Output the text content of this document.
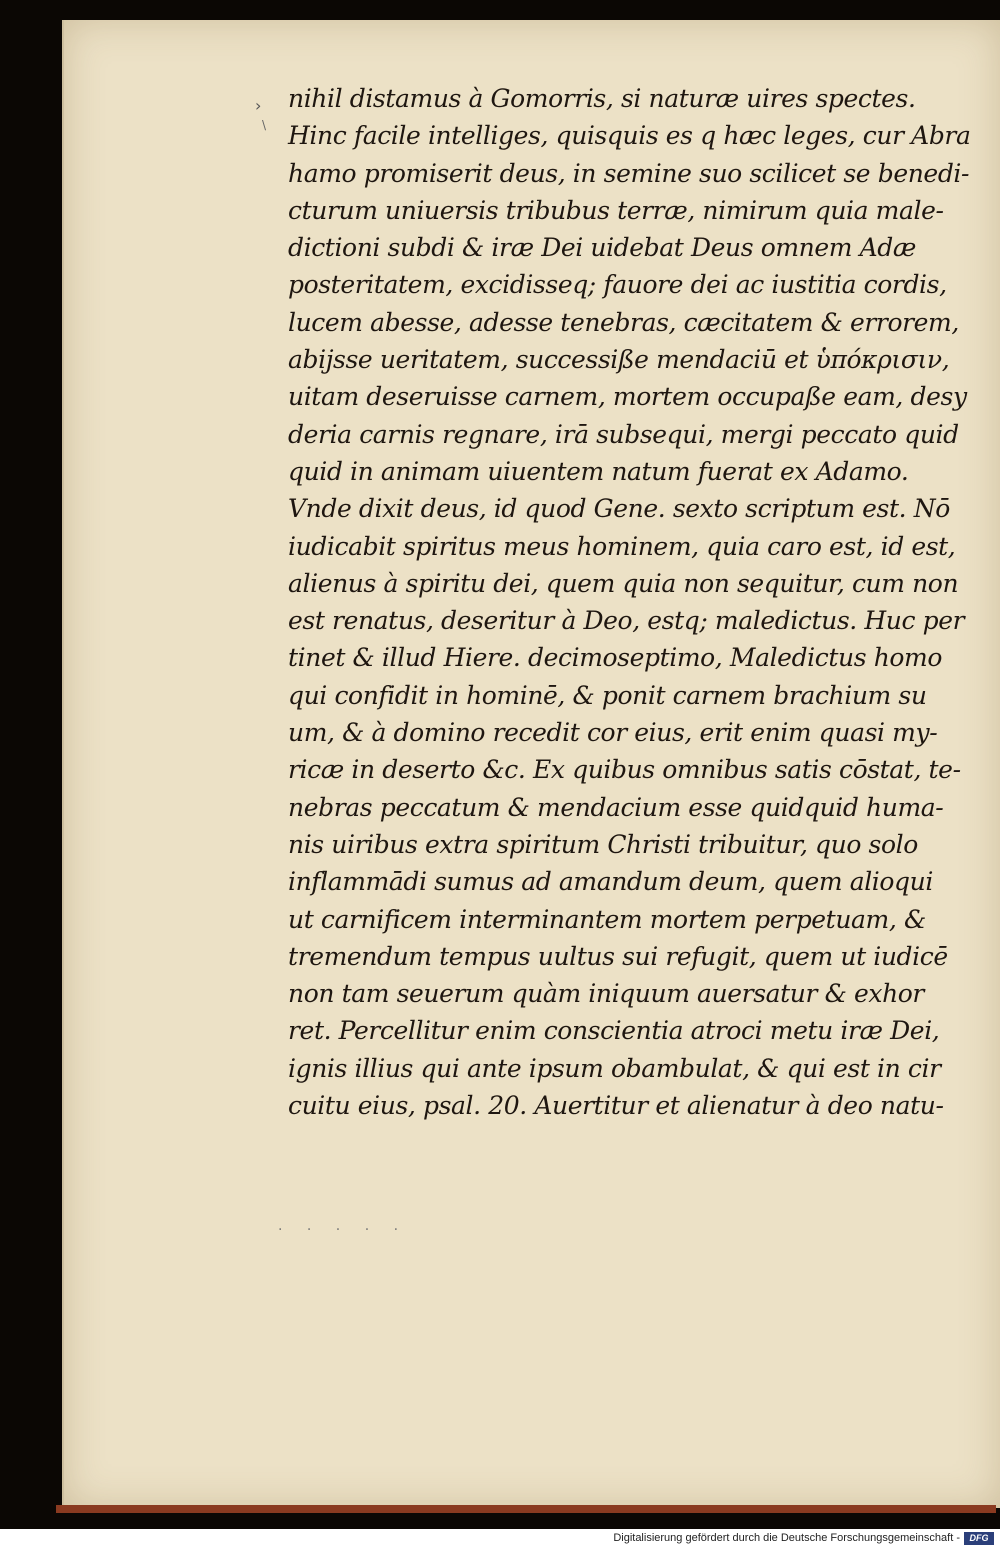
›
\
nihil distamus à Gomorris, si naturæ uires spectes.
Hinc facile intelliges, quisquis es q hæc leges, cur Abra
hamo promiserit deus, in semine suo scilicet se benedi-
cturum uniuersis tribubus terræ, nimirum quia male-
dictioni subdi & iræ Dei uidebat Deus omnem Adæ
posteritatem, excidisseq; fauore dei ac iustitia cordis,
lucem abesse, adesse tenebras, cæcitatem & errorem,
abijsse ueritatem, successiße mendaciū et ὑπόκρισιν,
uitam deseruisse carnem, mortem occupaße eam, desy
deria carnis regnare, irā subsequi, mergi peccato quid
quid in animam uiuentem natum fuerat ex Adamo.
Vnde dixit deus, id quod Gene. sexto scriptum est. Nō
iudicabit spiritus meus hominem, quia caro est, id est,
alienus à spiritu dei, quem quia non sequitur, cum non
est renatus, deseritur à Deo, estq; maledictus. Huc per
tinet & illud Hiere. decimoseptimo, Maledictus homo
qui confidit in hominē, & ponit carnem brachium su
um, & à domino recedit cor eius, erit enim quasi my-
ricæ in deserto &c. Ex quibus omnibus satis cōstat, te-
nebras peccatum & mendacium esse quidquid huma-
nis uiribus extra spiritum Christi tribuitur, quo solo
inflammādi sumus ad amandum deum, quem alioqui
ut carnificem interminantem mortem perpetuam, &
tremendum tempus uultus sui refugit, quem ut iudicē
non tam seuerum quàm iniquum auersatur & exhor
ret. Percellitur enim conscientia atroci metu iræ Dei,
ignis illius qui ante ipsum obambulat, & qui est in cir
cuitu eius, psal. 20. Auertitur et alienatur à deo natu-
· · · · ·
Digitalisierung gefördert durch die Deutsche Forschungsgemeinschaft -	DFG
